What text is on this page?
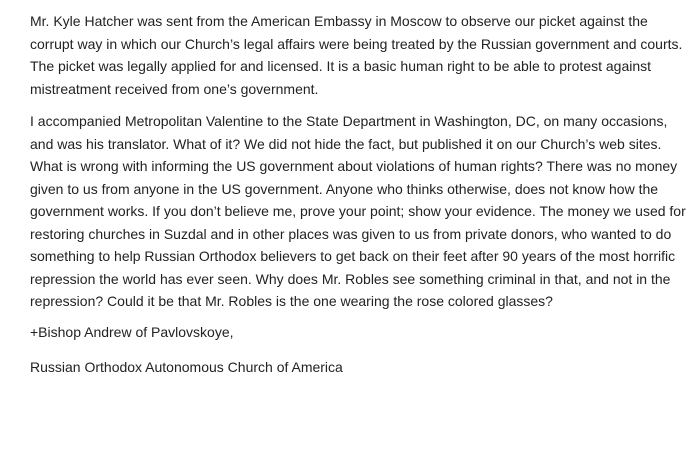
Mr. Kyle Hatcher was sent from the American Embassy in Moscow to observe our picket against the corrupt way in which our Church’s legal affairs were being treated by the Russian government and courts. The picket was legally applied for and licensed. It is a basic human right to be able to protest against mistreatment received from one’s government.

I accompanied Metropolitan Valentine to the State Department in Washington, DC, on many occasions, and was his translator. What of it? We did not hide the fact, but published it on our Church’s web sites. What is wrong with informing the US government about violations of human rights? There was no money given to us from anyone in the US government. Anyone who thinks otherwise, does not know how the government works. If you don’t believe me, prove your point; show your evidence. The money we used for restoring churches in Suzdal and in other places was given to us from private donors, who wanted to do something to help Russian Orthodox believers to get back on their feet after 90 years of the most horrific repression the world has ever seen. Why does Mr. Robles see something criminal in that, and not in the repression? Could it be that Mr. Robles is the one wearing the rose colored glasses?

+Bishop Andrew of Pavlovskoye,

Russian Orthodox Autonomous Church of America
